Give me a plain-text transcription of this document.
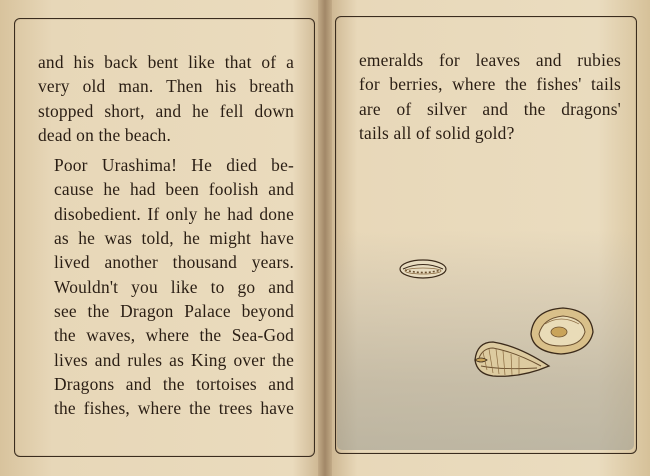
and his back bent like that of a
very old man. Then his breath
stopped short, and he fell down
dead on the beach.

Poor Urashima! He died be-
cause he had been foolish and
disobedient. If only he had done
as he was told, he might have
lived another thousand years.
Wouldn't you like to go and
see the Dragon Palace beyond
the waves, where the Sea-God
lives and rules as King over the
Dragons and the tortoises and
the fishes, where the trees have

emeralds for leaves and rubies
for berries, where the fishes' tails
are of silver and the dragons'
tails all of solid gold?
